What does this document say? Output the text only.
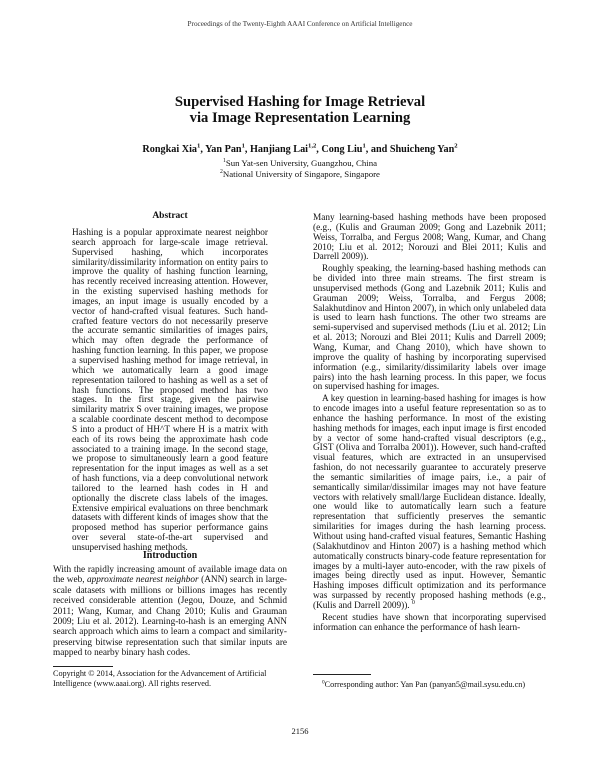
Proceedings of the Twenty-Eighth AAAI Conference on Artificial Intelligence
Supervised Hashing for Image Retrieval
via Image Representation Learning
Rongkai Xia$^1$, Yan Pan$^1$, Hanjiang Lai$^{1,2}$, Cong Liu$^1$, and Shuicheng Yan$^2$
$^1$Sun Yat-sen University, Guangzhou, China
$^2$National University of Singapore, Singapore
Abstract

Hashing is a popular approximate nearest neighbor search approach for large-scale image retrieval. Supervised hashing, which incorporates similarity/dissimilarity information on entity pairs to improve the quality of hashing function learning, has recently received increasing attention. However, in the existing supervised hashing methods for images, an input image is usually encoded by a vector of hand-crafted visual features. Such hand-crafted feature vectors do not necessarily preserve the accurate semantic similarities of images pairs, which may often degrade the performance of hashing function learning. In this paper, we propose a supervised hashing method for image retrieval, in which we automatically learn a good image representation tailored to hashing as well as a set of hash functions. The proposed method has two stages. In the first stage, given the pairwise similarity matrix S over training images, we propose a scalable coordinate descent method to decompose S into a product of HH^T where H is a matrix with each of its rows being the approximate hash code associated to a training image. In the second stage, we propose to simultaneously learn a good feature representation for the input images as well as a set of hash functions, via a deep convolutional network tailored to the learned hash codes in H and optionally the discrete class labels of the images. Extensive empirical evaluations on three benchmark datasets with different kinds of images show that the proposed method has superior performance gains over several state-of-the-art supervised and unsupervised hashing methods.

Introduction

With the rapidly increasing amount of available image data on the web, approximate nearest neighbor (ANN) search in large-scale datasets with millions or billions images has recently received considerable attention (Jegou, Douze, and Schmid 2011; Wang, Kumar, and Chang 2010; Kulis and Grauman 2009; Liu et al. 2012). Learning-to-hash is an emerging ANN search approach which aims to learn a compact and similarity-preserving bitwise representation such that similar inputs are mapped to nearby binary hash codes.

Copyright © 2014, Association for the Advancement of Artificial Intelligence (www.aaai.org). All rights reserved.

Many learning-based hashing methods have been proposed (e.g., (Kulis and Grauman 2009; Gong and Lazebnik 2011; Weiss, Torralba, and Fergus 2008; Wang, Kumar, and Chang 2010; Liu et al. 2012; Norouzi and Blei 2011; Kulis and Darrell 2009)).

Roughly speaking, the learning-based hashing methods can be divided into three main streams. The first stream is unsupervised methods (Gong and Lazebnik 2011; Kulis and Grauman 2009; Weiss, Torralba, and Fergus 2008; Salakhutdinov and Hinton 2007), in which only unlabeled data is used to learn hash functions. The other two streams are semi-supervised and supervised methods (Liu et al. 2012; Lin et al. 2013; Norouzi and Blei 2011; Kulis and Darrell 2009; Wang, Kumar, and Chang 2010), which have shown to improve the quality of hashing by incorporating supervised information (e.g., similarity/dissimilarity labels over image pairs) into the hash learning process. In this paper, we focus on supervised hashing for images.

A key question in learning-based hashing for images is how to encode images into a useful feature representation so as to enhance the hashing performance. In most of the existing hashing methods for images, each input image is first encoded by a vector of some hand-crafted visual descriptors (e.g., GIST (Oliva and Torralba 2001)). However, such hand-crafted visual features, which are extracted in an unsupervised fashion, do not necessarily guarantee to accurately preserve the semantic similarities of image pairs, i.e., a pair of semantically similar/dissimilar images may not have feature vectors with relatively small/large Euclidean distance. Ideally, one would like to automatically learn such a feature representation that sufficiently preserves the semantic similarities for images during the hash learning process. Without using hand-crafted visual features, Semantic Hashing (Salakhutdinov and Hinton 2007) is a hashing method which automatically constructs binary-code feature representation for images by a multi-layer auto-encoder, with the raw pixels of images being directly used as input. However, Semantic Hashing imposes difficult optimization and its performance was surpassed by recently proposed hashing methods (e.g., (Kulis and Darrell 2009)). $^0$

Recent studies have shown that incorporating supervised information can enhance the performance of hash learn-

$^0$Corresponding author: Yan Pan (panyan5@mail.sysu.edu.cn)
2156
